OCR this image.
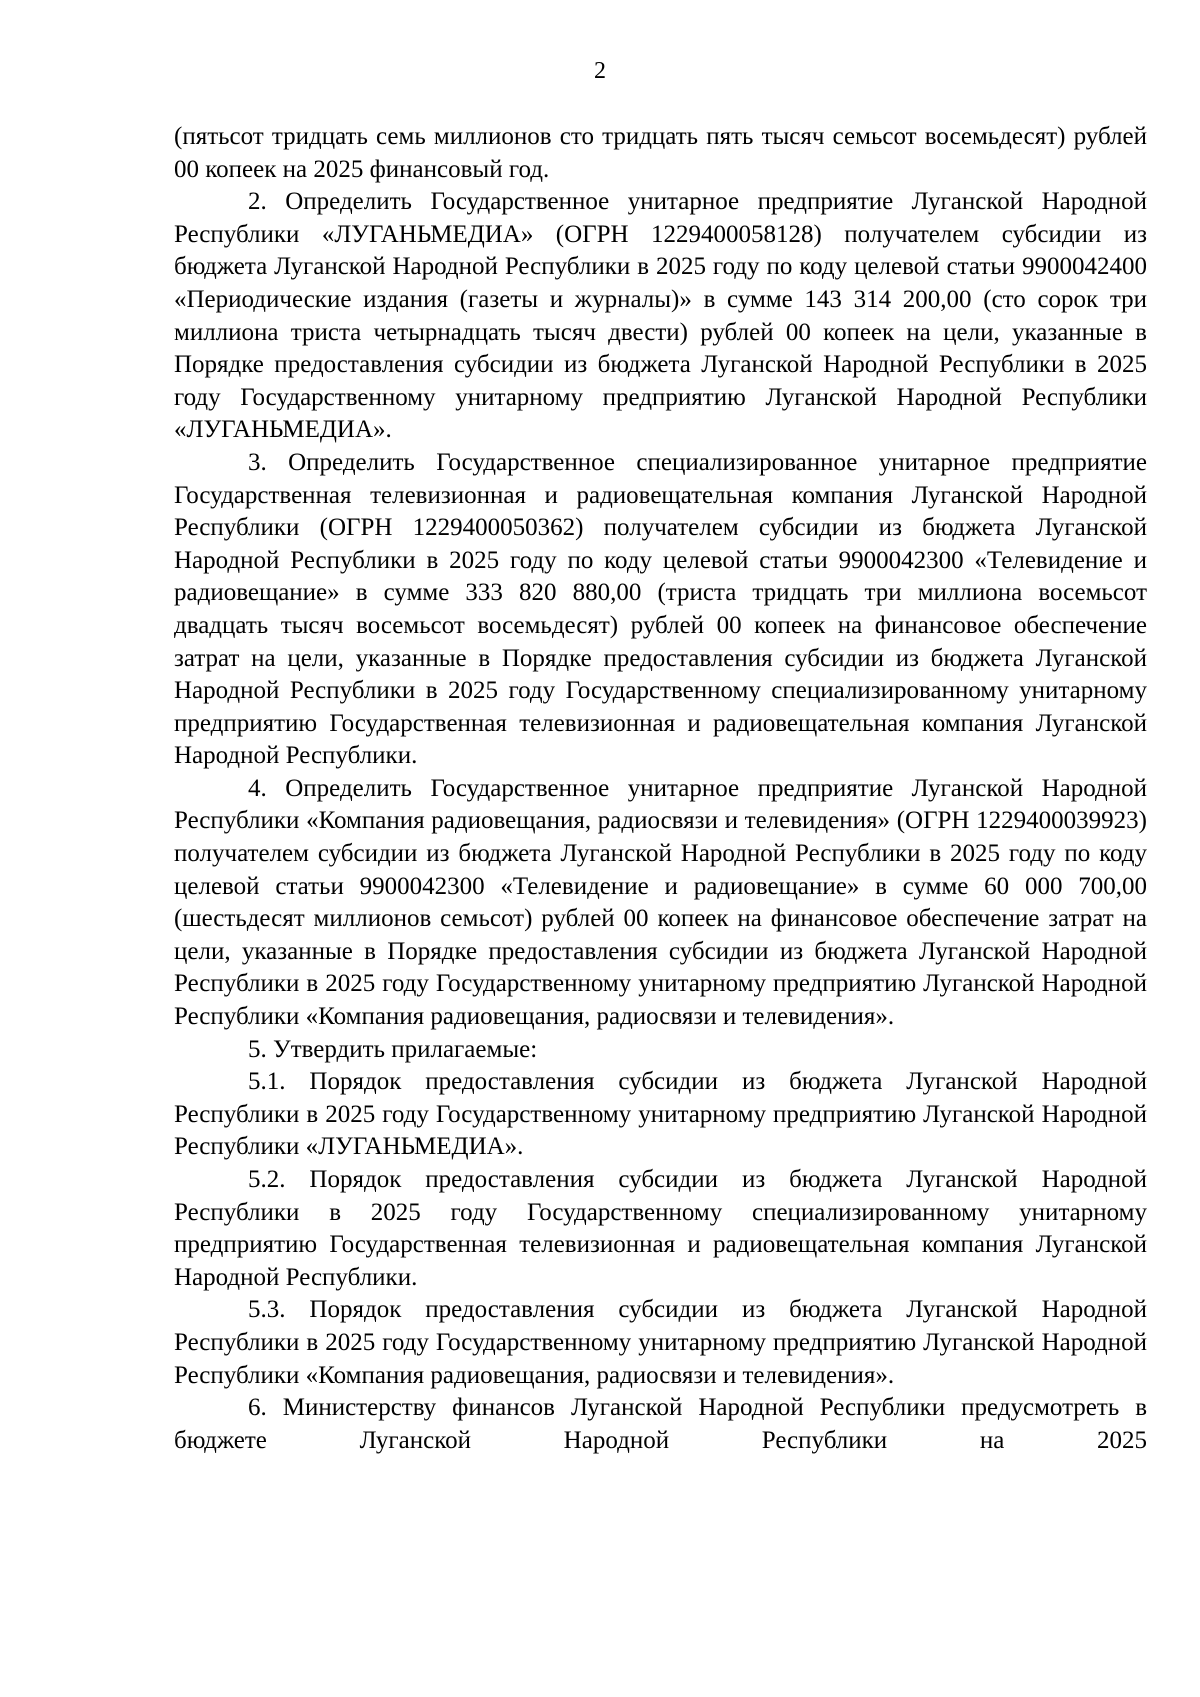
2

(пятьсот тридцать семь миллионов сто тридцать пять тысяч семьсот восемьдесят) рублей 00 копеек на 2025 финансовый год.

2. Определить Государственное унитарное предприятие Луганской Народной Республики «ЛУГАНЬМЕДИА» (ОГРН 1229400058128) получателем субсидии из бюджета Луганской Народной Республики в 2025 году по коду целевой статьи 9900042400 «Периодические издания (газеты и журналы)» в сумме 143 314 200,00 (сто сорок три миллиона триста четырнадцать тысяч двести) рублей 00 копеек на цели, указанные в Порядке предоставления субсидии из бюджета Луганской Народной Республики в 2025 году Государственному унитарному предприятию Луганской Народной Республики «ЛУГАНЬМЕДИА».

3. Определить Государственное специализированное унитарное предприятие Государственная телевизионная и радиовещательная компания Луганской Народной Республики (ОГРН 1229400050362) получателем субсидии из бюджета Луганской Народной Республики в 2025 году по коду целевой статьи 9900042300 «Телевидение и радиовещание» в сумме 333 820 880,00 (триста тридцать три миллиона восемьсот двадцать тысяч восемьсот восемьдесят) рублей 00 копеек на финансовое обеспечение затрат на цели, указанные в Порядке предоставления субсидии из бюджета Луганской Народной Республики в 2025 году Государственному специализированному унитарному предприятию Государственная телевизионная и радиовещательная компания Луганской Народной Республики.

4. Определить Государственное унитарное предприятие Луганской Народной Республики «Компания радиовещания, радиосвязи и телевидения» (ОГРН 1229400039923) получателем субсидии из бюджета Луганской Народной Республики в 2025 году по коду целевой статьи 9900042300 «Телевидение и радиовещание» в сумме 60 000 700,00 (шестьдесят миллионов семьсот) рублей 00 копеек на финансовое обеспечение затрат на цели, указанные в Порядке предоставления субсидии из бюджета Луганской Народной Республики в 2025 году Государственному унитарному предприятию Луганской Народной Республики «Компания радиовещания, радиосвязи и телевидения».

5. Утвердить прилагаемые:

5.1. Порядок предоставления субсидии из бюджета Луганской Народной Республики в 2025 году Государственному унитарному предприятию Луганской Народной Республики «ЛУГАНЬМЕДИА».

5.2. Порядок предоставления субсидии из бюджета Луганской Народной Республики в 2025 году Государственному специализированному унитарному предприятию Государственная телевизионная и радиовещательная компания Луганской Народной Республики.

5.3. Порядок предоставления субсидии из бюджета Луганской Народной Республики в 2025 году Государственному унитарному предприятию Луганской Народной Республики «Компания радиовещания, радиосвязи и телевидения».

6. Министерству финансов Луганской Народной Республики предусмотреть в бюджете Луганской Народной Республики на 2025
